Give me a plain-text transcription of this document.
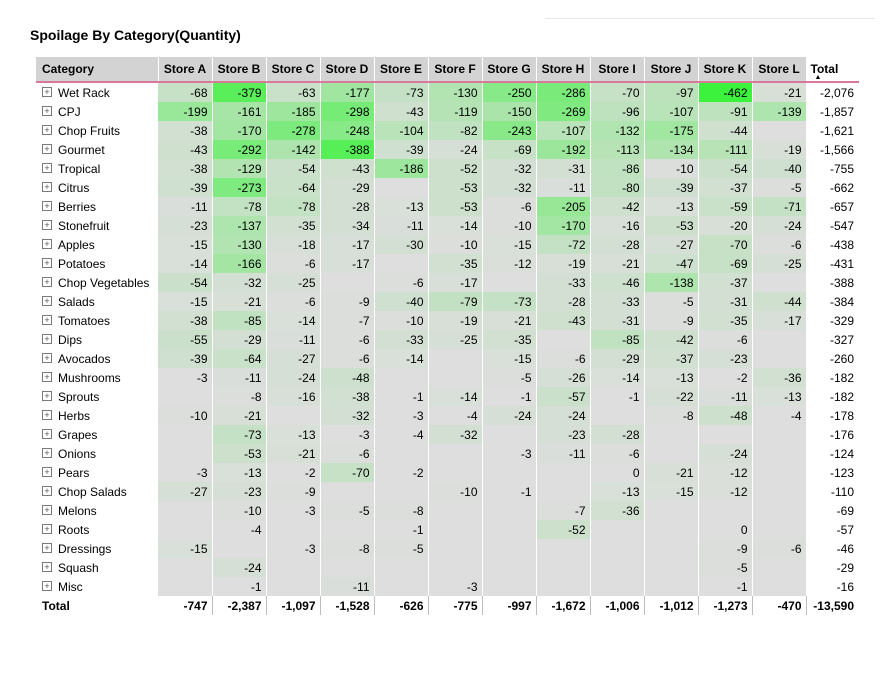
Spoilage By Category(Quantity)
Category	Store A	Store B	Store C	Store D	Store E	Store F	Store G	Store H	Store I	Store J	Store K	Store L	Total
▲

+ Wet Rack	-68	-379	-63	-177	-73	-130	-250	-286	-70	-97	-462	-21	-2,076
+ CPJ	-199	-161	-185	-298	-43	-119	-150	-269	-96	-107	-91	-139	-1,857
+ Chop Fruits	-38	-170	-278	-248	-104	-82	-243	-107	-132	-175	-44		-1,621
+ Gourmet	-43	-292	-142	-388	-39	-24	-69	-192	-113	-134	-111	-19	-1,566
+ Tropical	-38	-129	-54	-43	-186	-52	-32	-31	-86	-10	-54	-40	-755
+ Citrus	-39	-273	-64	-29		-53	-32	-11	-80	-39	-37	-5	-662
+ Berries	-11	-78	-78	-28	-13	-53	-6	-205	-42	-13	-59	-71	-657
+ Stonefruit	-23	-137	-35	-34	-11	-14	-10	-170	-16	-53	-20	-24	-547
+ Apples	-15	-130	-18	-17	-30	-10	-15	-72	-28	-27	-70	-6	-438
+ Potatoes	-14	-166	-6	-17		-35	-12	-19	-21	-47	-69	-25	-431
+ Chop Vegetables	-54	-32	-25		-6	-17		-33	-46	-138	-37		-388
+ Salads	-15	-21	-6	-9	-40	-79	-73	-28	-33	-5	-31	-44	-384
+ Tomatoes	-38	-85	-14	-7	-10	-19	-21	-43	-31	-9	-35	-17	-329
+ Dips	-55	-29	-11	-6	-33	-25	-35		-85	-42	-6		-327
+ Avocados	-39	-64	-27	-6	-14		-15	-6	-29	-37	-23		-260
+ Mushrooms	-3	-11	-24	-48			-5	-26	-14	-13	-2	-36	-182
+ Sprouts		-8	-16	-38	-1	-14	-1	-57	-1	-22	-11	-13	-182
+ Herbs	-10	-21		-32	-3	-4	-24	-24		-8	-48	-4	-178
+ Grapes		-73	-13	-3	-4	-32		-23	-28				-176
+ Onions		-53	-21	-6			-3	-11	-6		-24		-124
+ Pears	-3	-13	-2	-70	-2				0	-21	-12		-123
+ Chop Salads	-27	-23	-9			-10	-1		-13	-15	-12		-110
+ Melons		-10	-3	-5	-8			-7	-36				-69
+ Roots		-4			-1			-52			0		-57
+ Dressings	-15		-3	-8	-5						-9	-6	-46
+ Squash		-24									-5		-29
+ Misc		-1		-11		-3					-1		-16
Total	-747	-2,387	-1,097	-1,528	-626	-775	-997	-1,672	-1,006	-1,012	-1,273	-470	-13,590
